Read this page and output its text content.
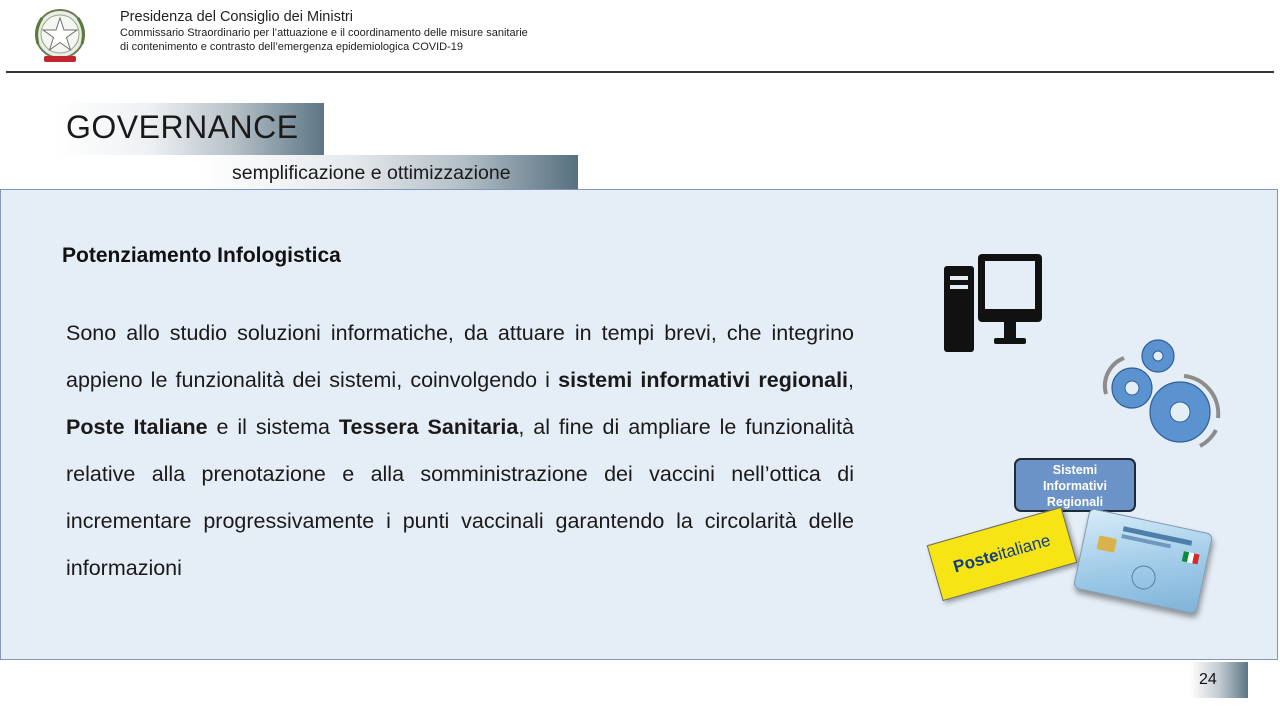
Presidenza del Consiglio dei Ministri
Commissario Straordinario per l’attuazione e il coordinamento delle misure sanitarie
di contenimento e contrasto dell’emergenza epidemiologica COVID-19
GOVERNANCE
semplificazione e ottimizzazione
Potenziamento Infologistica
Sono allo studio soluzioni informatiche, da attuare in tempi brevi, che integrino appieno le funzionalità dei sistemi, coinvolgendo i sistemi informativi regionali, Poste Italiane e il sistema Tessera Sanitaria, al fine di ampliare le funzionalità relative alla prenotazione e alla somministrazione dei vaccini nell’ottica di incrementare progressivamente i punti vaccinali garantendo la circolarità delle informazioni
Sistemi
Informativi
Regionali
Poste
italiane
24
